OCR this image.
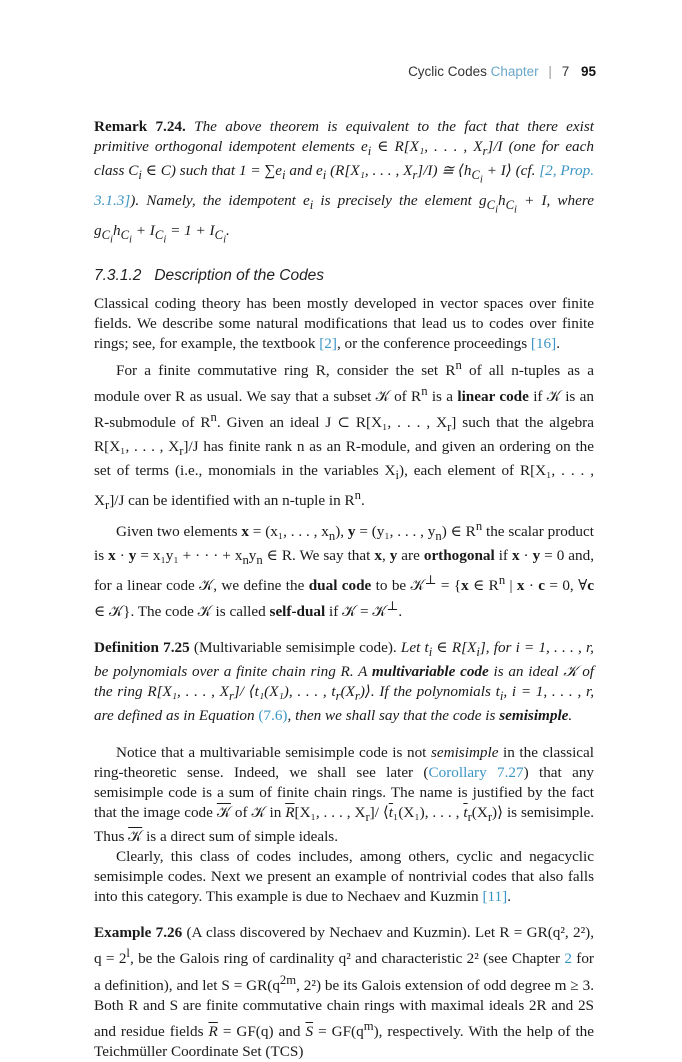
Cyclic Codes Chapter | 7 95

Remark 7.24. The above theorem is equivalent to the fact that there exist primitive orthogonal idempotent elements $e_i$ ∈ R[X₁, . . . , $X_r]/I$ (one for each class $C_i$ ∈ C) such that $1 = \sum e_i$ and $e_i$ (R[X₁, . . . , $X_r]/I$) ≅ $⟨h_{C_i}$ + I⟩ (cf. [2, Prop. 3.1.3]). Namely, the idempotent $e_i$ is precisely the element $g_{C_i}h_{C_i} + I$, where $g_{C_i}h_{C_i} + I_{C_i} = 1 + I_{C_i}$.

7.3.1.2 Description of the Codes

Classical coding theory has been mostly developed in vector spaces over finite fields. We describe some natural modifications that lead us to codes over finite rings; see, for example, the textbook [2], or the conference proceedings [16].

For a finite commutative ring R, consider the set $R^n$ of all n-tuples as a module over R as usual. We say that a subset 𝒦 of $R^n$ is a linear code if 𝒦 is an R-submodule of $R^n$. Given an ideal J ⊂ R[X₁, . . . , $X_r$] such that the algebra R[X₁, . . . , $X_r]/J$ has finite rank n as an R-module, and given an ordering on the set of terms (i.e., monomials in the variables $X_i$), each element of R[X₁, . . . , $X_r]/J$ can be identified with an n-tuple in $R^n$.

Given two elements x = (x₁, . . . , $x_n$), y = (y₁, . . . , $y_n$) ∈ $R^n$ the scalar product is x · y = x₁y₁ + · · · + $x_ny_n$ ∈ R. We say that x, y are orthogonal if x · y = 0 and, for a linear code 𝒦, we define the dual code to be 𝒦⊥ = {x ∈ $R^n$ | x · c = 0, ∀c ∈ 𝒦}. The code 𝒦 is called self-dual if 𝒦 = 𝒦⊥.

Definition 7.25 (Multivariable semisimple code). Let $t_i$ ∈ $R[X_i]$, for i = 1, . . . , r, be polynomials over a finite chain ring R. A multivariable code is an ideal 𝒦 of the ring R[X₁, . . . , $X_r]/$ ⟨t₁(X₁), . . . , $t_r(X_r)⟩$. If the polynomials $t_i$, i = 1, . . . , r, are defined as in Equation (7.6), then we shall say that the code is semisimple.

Notice that a multivariable semisimple code is not semisimple in the classical ring-theoretic sense. Indeed, we shall see later (Corollary 7.27) that any semisimple code is a sum of finite chain rings. The name is justified by the fact that the image code 𝒦 of 𝒦 in $\overline{R}[X_1$, . . . , $X_r]/$ $⟨\overline{t}_1(X_1)$, . . . , $\overline{t}_r(X_r)⟩$ is semisimple. Thus 𝒦 is a direct sum of simple ideals.

Clearly, this class of codes includes, among others, cyclic and negacyclic semisimple codes. Next we present an example of nontrivial codes that also falls into this category. This example is due to Nechaev and Kuzmin [11].

Example 7.26 (A class discovered by Nechaev and Kuzmin). Let R = GR(q², 2²), $q = 2^l$, be the Galois ring of cardinality q² and characteristic 2² (see Chapter 2 for a definition), and let $S = GR(q^{2m}$, 2²) be its Galois extension of odd degree m ≥ 3. Both R and S are finite commutative chain rings with maximal ideals 2R and 2S and residue fields $\overline{R} = GF(q)$ and $\overline{S} = GF(q^m)$, respectively. With the help of the Teichmüller Coordinate Set (TCS)
